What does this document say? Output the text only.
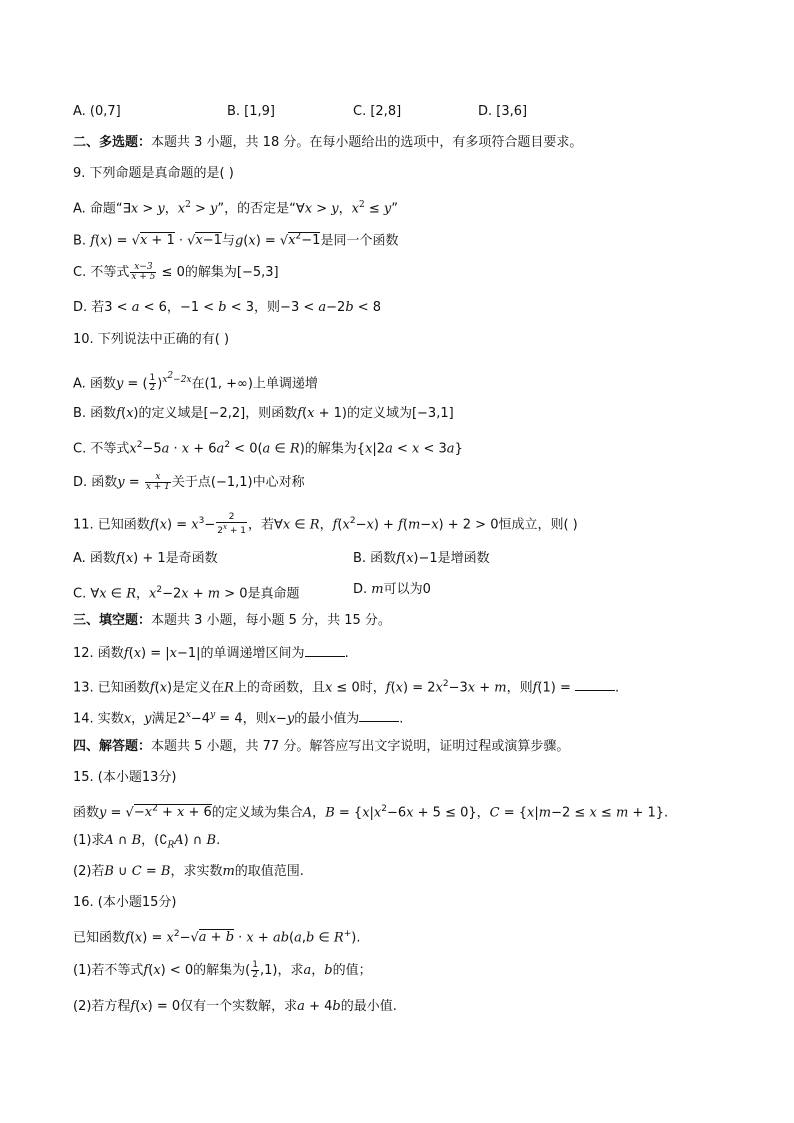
A. (0,7]	B. [1,9]	C. [2,8]	D. [3,6]
二、多选题：本题共 3 小题，共 18 分。在每小题给出的选项中，有多项符合题目要求。
9. 下列命题是真命题的是( )
A. 命题“∃x > y，$x^2 > y$”，的否定是“∀x > y，$x^2 \le y$”
B. f(x) = √x + 1 · √x−1与$g(x) = √x^2-1$是同一个函数
C. 不等式 $\frac{x-3}{x + 5} \le 0$的解集为[−5,3]
D. 若3 < a < 6，−1 < b < 3，则−3 < a−2b < 8
10. 下列说法中正确的有( )
A. 函数y = ( $\frac{1}{2} )^{x^2-2x}$在(1, +∞)上单调递增
B. 函数f(x)的定义域是[−2,2]，则函数f(x + 1)的定义域为[−3,1]
C. 不等式$x^2-5a \cdot x + 6a^2 < 0(a$ ∈ R)的解集为{x|2a < x < 3a}
D. 函数$y = \frac{x}{x + 1}$ 关于点(−1,1)中心对称
11. 已知函数$f(x) = x^3- \frac{2}{2^x + 1}$ ，若∀x ∈ R，$f(x^2-x) + f(m-x) + 2 > 0$恒成立，则( )
A. 函数f(x) + 1是奇函数	B. 函数f(x)−1是增函数
C. ∀x ∈ R，$x^2-2x + m > 0$是真命题	D. m可以为0
三、填空题：本题共 3 小题，每小题 5 分，共 15 分。
12. 函数f(x) = |x−1|的单调递增区间为	.
13. 已知函数f(x)是定义在R上的奇函数，且x ≤ 0时，$f(x) = 2x^2-3x + m$，则f(1) =	.
14. 实数x，y满足$2^x-4^y = 4$，则x−y的最小值为	.
四、解答题：本题共 5 小题，共 77 分。解答应写出文字说明，证明过程或演算步骤。
15. (本小题13分)
函数$y = √-x^2 + x + 6$的定义域为集合A，$B = \{x|x^2-6x + 5 \le 0\}$，C = {x|m−2 ≤ x ≤ m + 1}.
(1)求A ∩ B，$(∁_RA)$ ∩ B.
(2)若B ∪ C = B，求实数m的取值范围.
16. (本小题15分)
已知函数$f(x) = x^2-√a + b \cdot x + ab(a,b$ ∈ R+).
(1)若不等式f(x) < 0的解集为( $\frac{1}{2} ,1$)，求a，b的值；
(2)若方程f(x) = 0仅有一个实数解，求a + 4b的最小值.
